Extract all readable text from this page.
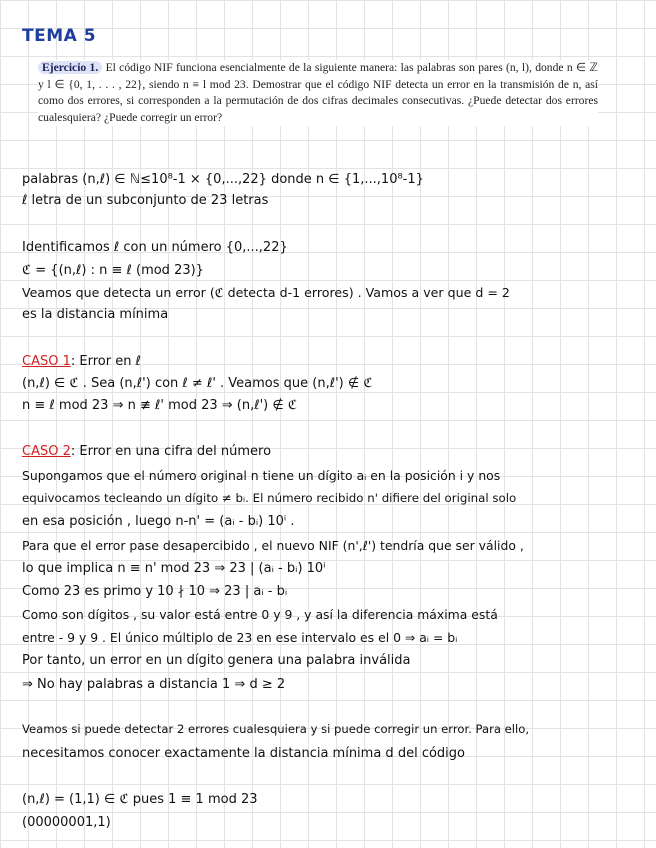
TEMA 5
Ejercicio 1. El código NIF funciona esencialmente de la siguiente manera: las palabras son pares (n, l), donde n ∈ ℤ y l ∈ {0, 1, . . . , 22}, siendo n ≡ l mod 23. Demostrar que el código NIF detecta un error en la transmisión de n, así como dos errores, si corresponden a la permutación de dos cifras decimales consecutivas. ¿Puede detectar dos errores cualesquiera? ¿Puede corregir un error?
palabras (n,ℓ) ∈ ℕ≤10⁸-1 × {0,...,22} donde n ∈ {1,...,10⁸-1}
ℓ letra de un subconjunto de 23 letras
Identificamos ℓ con un número {0,...,22}
ℭ = {(n,ℓ) : n ≡ ℓ (mod 23)}
Veamos que detecta un error (ℭ detecta d-1 errores) . Vamos a ver que d = 2
es la distancia mínima
CASO 1: Error en ℓ
(n,ℓ) ∈ ℭ . Sea (n,ℓ') con ℓ ≠ ℓ' . Veamos que (n,ℓ') ∉ ℭ
n ≡ ℓ mod 23 ⇒ n ≢ ℓ' mod 23 ⇒ (n,ℓ') ∉ ℭ
CASO 2: Error en una cifra del número
Supongamos que el número original n tiene un dígito aᵢ en la posición i y nos
equivocamos tecleando un dígito ≠ bᵢ. El número recibido n' difiere del original solo
en esa posición , luego n-n' = (aᵢ - bᵢ) 10ⁱ .
Para que el error pase desapercibido , el nuevo NIF (n',ℓ') tendría que ser válido ,
lo que implica n ≡ n' mod 23 ⇒ 23 | (aᵢ - bᵢ) 10ⁱ
Como 23 es primo y 10 ∤ 10 ⇒ 23 | aᵢ - bᵢ
Como son dígitos , su valor está entre 0 y 9 , y así la diferencia máxima está
entre - 9 y 9 . El único múltiplo de 23 en ese intervalo es el 0 ⇒ aᵢ = bᵢ
Por tanto, un error en un dígito genera una palabra inválida
⇒ No hay palabras a distancia 1 ⇒ d ≥ 2
Veamos si puede detectar 2 errores cualesquiera y si puede corregir un error. Para ello,
necesitamos conocer exactamente la distancia mínima d del código
(n,ℓ) = (1,1) ∈ ℭ pues 1 ≡ 1 mod 23
(00000001,1)
